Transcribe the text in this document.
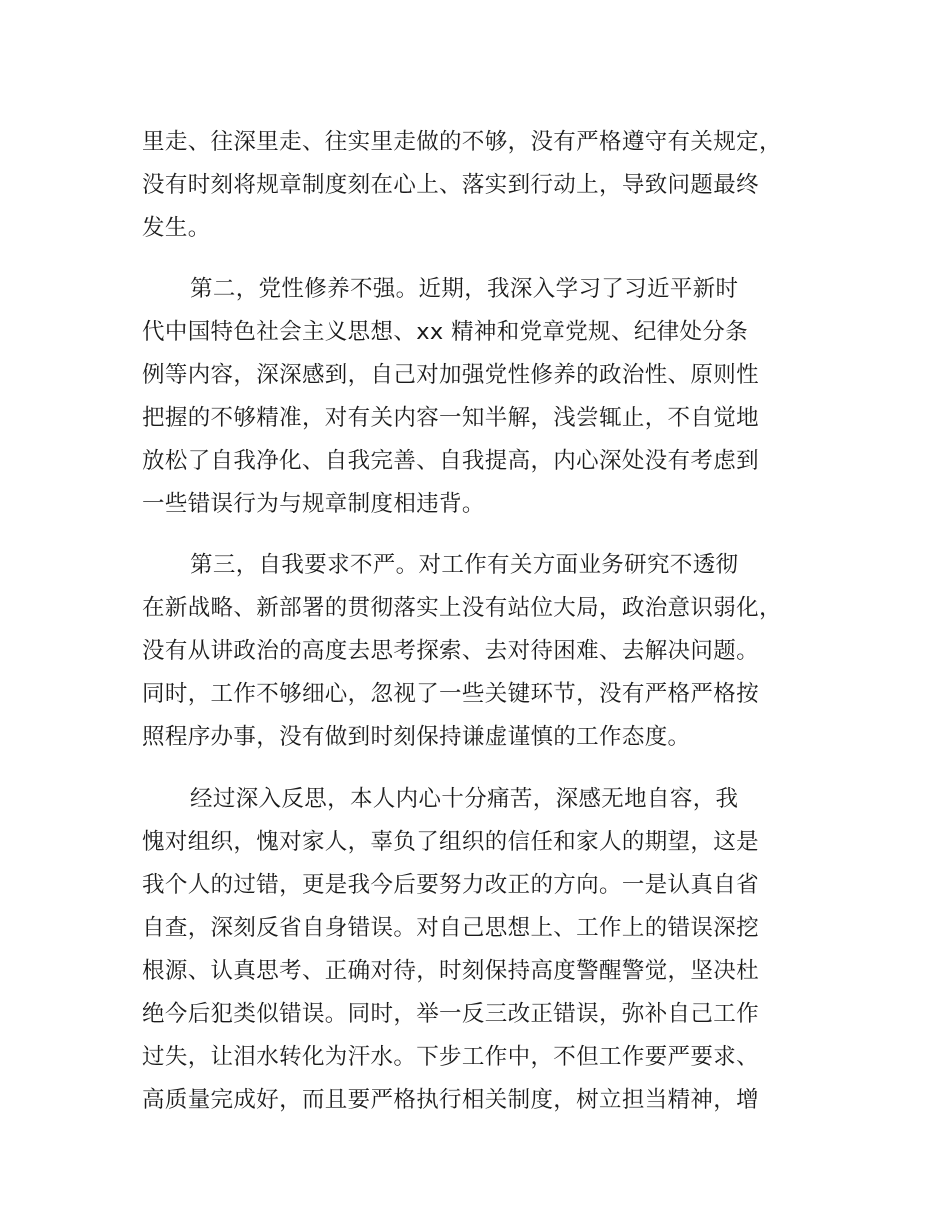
里走、往深里走、往实里走做的不够，没有严格遵守有关规定，
没有时刻将规章制度刻在心上、落实到行动上，导致问题最终
发生。
第二，党性修养不强。近期，我深入学习了习近平新时
代中国特色社会主义思想、xx 精神和党章党规、纪律处分条
例等内容，深深感到，自己对加强党性修养的政治性、原则性
把握的不够精准，对有关内容一知半解，浅尝辄止，不自觉地
放松了自我净化、自我完善、自我提高，内心深处没有考虑到
一些错误行为与规章制度相违背。
第三，自我要求不严。对工作有关方面业务研究不透彻
在新战略、新部署的贯彻落实上没有站位大局，政治意识弱化，
没有从讲政治的高度去思考探索、去对待困难、去解决问题。
同时，工作不够细心，忽视了一些关键环节，没有严格严格按
照程序办事，没有做到时刻保持谦虚谨慎的工作态度。
经过深入反思，本人内心十分痛苦，深感无地自容，我
愧对组织，愧对家人，辜负了组织的信任和家人的期望，这是
我个人的过错，更是我今后要努力改正的方向。一是认真自省
自查，深刻反省自身错误。对自己思想上、工作上的错误深挖
根源、认真思考、正确对待，时刻保持高度警醒警觉，坚决杜
绝今后犯类似错误。同时，举一反三改正错误，弥补自己工作
过失，让泪水转化为汗水。下步工作中，不但工作要严要求、
高质量完成好，而且要严格执行相关制度，树立担当精神，增
